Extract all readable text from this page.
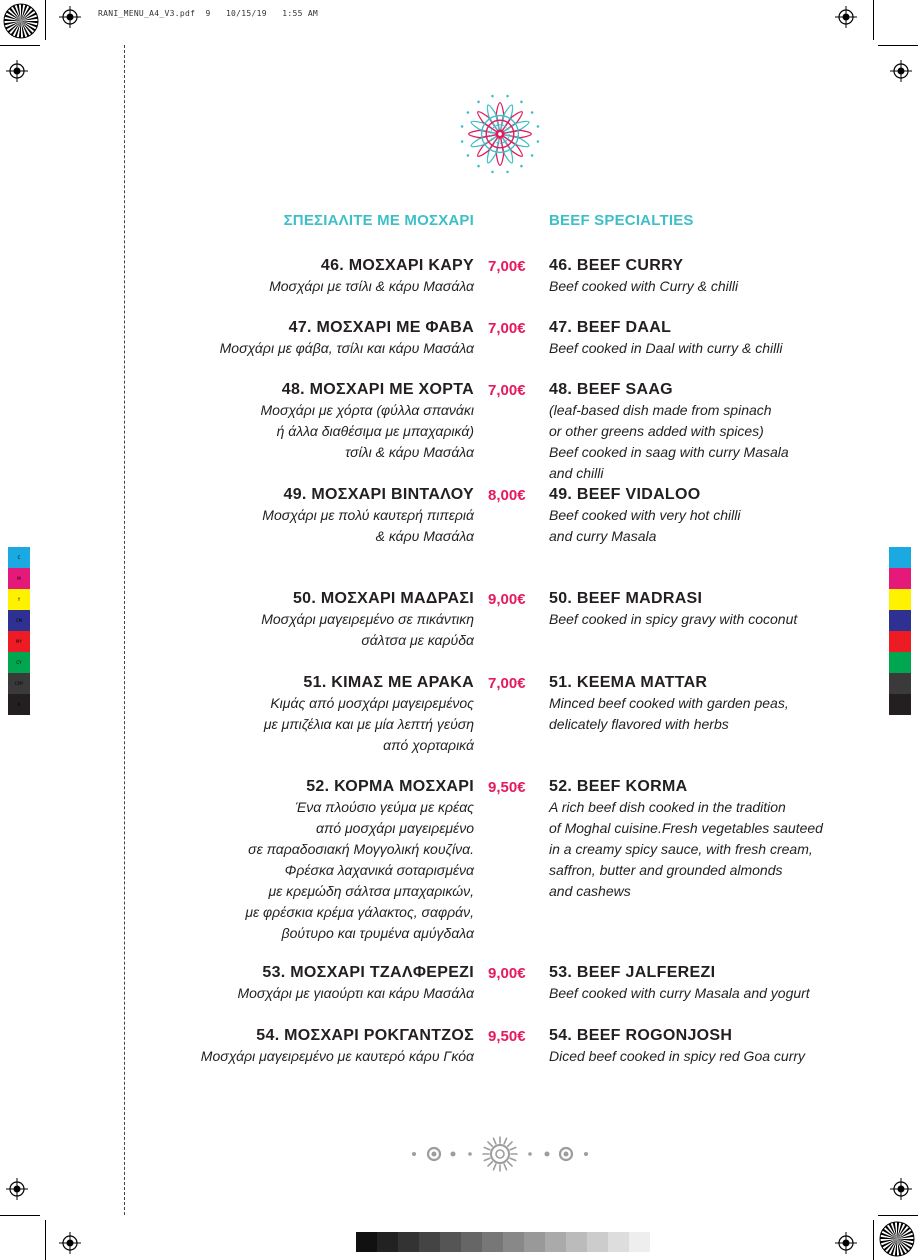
RANI_MENU_A4_V3.pdf 9 10/15/19 1:55 AM
C
M
Y
CM
MY
CY
CMY
K
ΣΠΕΣΙΑΛΙΤΕ ΜΕ ΜΟΣΧΑΡΙ	BEEF SPECIALTIES
46. ΜΟΣΧΑΡΙ ΚΑΡΥ
Μοσχάρι με τσίλι & κάρυ Μασάλα
7,00€	46. BEEF CURRY
Beef cooked with Curry & chilli
47. ΜΟΣΧΑΡΙ ΜΕ ΦΑΒΑ
Μοσχάρι με φάβα, τσίλι και κάρυ Μασάλα
7,00€	47. BEEF DAAL
Beef cooked in Daal with curry & chilli
48. ΜΟΣΧΑΡΙ ΜΕ ΧΟΡΤΑ
Μοσχάρι με χόρτα (φύλλα σπανάκι
ή άλλα διαθέσιμα με μπαχαρικά)
τσίλι & κάρυ Μασάλα
7,00€	48. BEEF SAAG
(leaf-based dish made from spinach
or other greens added with spices)
Beef cooked in saag with curry Masala
and chilli
49. ΜΟΣΧΑΡΙ ΒΙΝΤΑΛΟΥ
Μοσχάρι με πολύ καυτερή πιπεριά
& κάρυ Μασάλα
8,00€	49. BEEF VIDALOO
Beef cooked with very hot chilli
and curry Masala
50. ΜΟΣΧΑΡΙ ΜΑΔΡΑΣΙ
Μοσχάρι μαγειρεμένο σε πικάντικη
σάλτσα με καρύδα
9,00€	50. BEEF MADRASI
Beef cooked in spicy gravy with coconut
51. ΚΙΜΑΣ ΜΕ ΑΡΑΚΑ
Κιμάς από μοσχάρι μαγειρεμένος
με μπιζέλια και με μία λεπτή γεύση
από χορταρικά
7,00€	51. KEEMA MATTAR
Minced beef cooked with garden peas,
delicately flavored with herbs
52. ΚΟΡΜΑ ΜΟΣΧΑΡΙ
Ένα πλούσιο γεύμα με κρέας
από μοσχάρι μαγειρεμένο
σε παραδοσιακή Μογγολική κουζίνα.
Φρέσκα λαχανικά σοταρισμένα
με κρεμώδη σάλτσα μπαχαρικών,
με φρέσκια κρέμα γάλακτος, σαφράν,
βούτυρο και τρυμένα αμύγδαλα
9,50€	52. BEEF KORMA
A rich beef dish cooked in the tradition
of Moghal cuisine.Fresh vegetables sauteed
in a creamy spicy sauce, with fresh cream,
saffron, butter and grounded almonds
and cashews
53. ΜΟΣΧΑΡΙ ΤΖΑΛΦΕΡΕΖΙ
Μοσχάρι με γιαούρτι και κάρυ Μασάλα
9,00€	53. BEEF JALFEREZI
Beef cooked with curry Masala and yogurt
54. ΜΟΣΧΑΡΙ ΡΟΚΓΑΝΤΖΟΣ
Μοσχάρι μαγειρεμένο με καυτερό κάρυ Γκόα
9,50€	54. BEEF ROGONJOSH
Diced beef cooked in spicy red Goa curry
